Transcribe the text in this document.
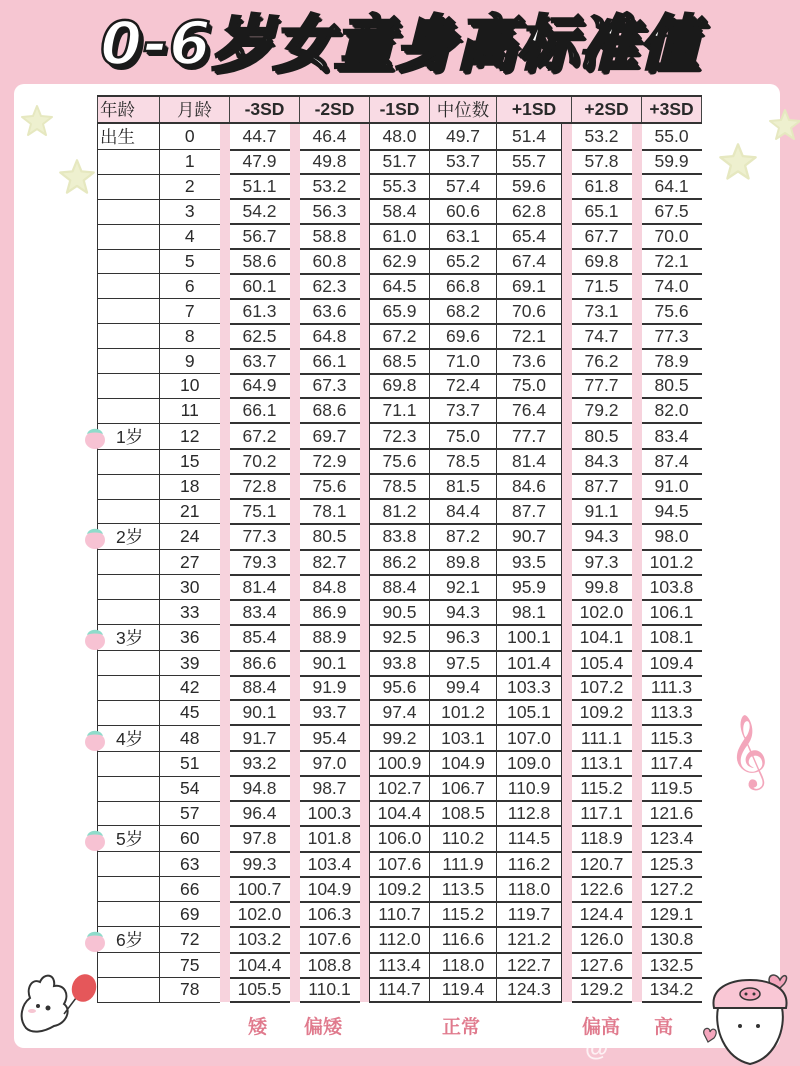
0-6岁女童身高标准值
𝄞
年龄	月龄		-3SD		-2SD		-1SD	中位数	+1SD		+2SD		+3SD
出生	0		44.7		46.4		48.0	49.7	51.4		53.2		55.0
	1		47.9		49.8		51.7	53.7	55.7		57.8		59.9
	2		51.1		53.2		55.3	57.4	59.6		61.8		64.1
	3		54.2		56.3		58.4	60.6	62.8		65.1		67.5
	4		56.7		58.8		61.0	63.1	65.4		67.7		70.0
	5		58.6		60.8		62.9	65.2	67.4		69.8		72.1
	6		60.1		62.3		64.5	66.8	69.1		71.5		74.0
	7		61.3		63.6		65.9	68.2	70.6		73.1		75.6
	8		62.5		64.8		67.2	69.6	72.1		74.7		77.3
	9		63.7		66.1		68.5	71.0	73.6		76.2		78.9
	10		64.9		67.3		69.8	72.4	75.0		77.7		80.5
	11		66.1		68.6		71.1	73.7	76.4		79.2		82.0

1岁	12		67.2		69.7		72.3	75.0	77.7		80.5		83.4
	15		70.2		72.9		75.6	78.5	81.4		84.3		87.4
	18		72.8		75.6		78.5	81.5	84.6		87.7		91.0
	21		75.1		78.1		81.2	84.4	87.7		91.1		94.5

2岁	24		77.3		80.5		83.8	87.2	90.7		94.3		98.0
	27		79.3		82.7		86.2	89.8	93.5		97.3		101.2
	30		81.4		84.8		88.4	92.1	95.9		99.8		103.8
	33		83.4		86.9		90.5	94.3	98.1		102.0		106.1

3岁	36		85.4		88.9		92.5	96.3	100.1		104.1		108.1
	39		86.6		90.1		93.8	97.5	101.4		105.4		109.4
	42		88.4		91.9		95.6	99.4	103.3		107.2		111.3
	45		90.1		93.7		97.4	101.2	105.1		109.2		113.3

4岁	48		91.7		95.4		99.2	103.1	107.0		111.1		115.3
	51		93.2		97.0		100.9	104.9	109.0		113.1		117.4
	54		94.8		98.7		102.7	106.7	110.9		115.2		119.5
	57		96.4		100.3		104.4	108.5	112.8		117.1		121.6

5岁	60		97.8		101.8		106.0	110.2	114.5		118.9		123.4
	63		99.3		103.4		107.6	111.9	116.2		120.7		125.3
	66		100.7		104.9		109.2	113.5	118.0		122.6		127.2
	69		102.0		106.3		110.7	115.2	119.7		124.4		129.1

6岁	72		103.2		107.6		112.0	116.6	121.2		126.0		130.8
	75		104.4		108.8		113.4	118.0	122.7		127.6		132.5
	78		105.5		110.1		114.7	119.4	124.3		129.2		134.2
矮 偏矮	正常	偏高 高
@
